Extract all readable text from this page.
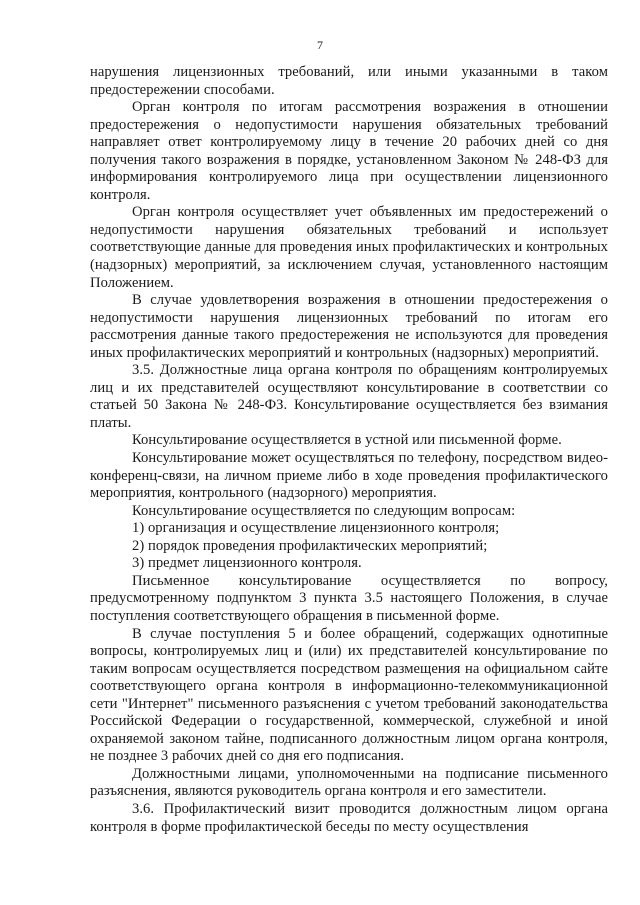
7

нарушения лицензионных требований, или иными указанными в таком предостережении способами.

Орган контроля по итогам рассмотрения возражения в отношении предостережения о недопустимости нарушения обязательных требований направляет ответ контролируемому лицу в течение 20 рабочих дней со дня получения такого возражения в порядке, установленном Законом № 248-ФЗ для информирования контролируемого лица при осуществлении лицензионного контроля.

Орган контроля осуществляет учет объявленных им предостережений о недопустимости нарушения обязательных требований и использует соответствующие данные для проведения иных профилактических и контрольных (надзорных) мероприятий, за исключением случая, установленного настоящим Положением.

В случае удовлетворения возражения в отношении предостережения о недопустимости нарушения лицензионных требований по итогам его рассмотрения данные такого предостережения не используются для проведения иных профилактических мероприятий и контрольных (надзорных) мероприятий.

3.5. Должностные лица органа контроля по обращениям контролируемых лиц и их представителей осуществляют консультирование в соответствии со статьей 50 Закона № 248-ФЗ. Консультирование осуществляется без взимания платы.

Консультирование осуществляется в устной или письменной форме.

Консультирование может осуществляться по телефону, посредством видео-конференц-связи, на личном приеме либо в ходе проведения профилактического мероприятия, контрольного (надзорного) мероприятия.

Консультирование осуществляется по следующим вопросам:

1) организация и осуществление лицензионного контроля;

2) порядок проведения профилактических мероприятий;

3) предмет лицензионного контроля.

Письменное консультирование осуществляется по вопросу, предусмотренному подпунктом 3 пункта 3.5 настоящего Положения, в случае поступления соответствующего обращения в письменной форме.

В случае поступления 5 и более обращений, содержащих однотипные вопросы, контролируемых лиц и (или) их представителей консультирование по таким вопросам осуществляется посредством размещения на официальном сайте соответствующего органа контроля в информационно-телекоммуникационной сети "Интернет" письменного разъяснения с учетом требований законодательства Российской Федерации о государственной, коммерческой, служебной и иной охраняемой законом тайне, подписанного должностным лицом органа контроля, не позднее 3 рабочих дней со дня его подписания.

Должностными лицами, уполномоченными на подписание письменного разъяснения, являются руководитель органа контроля и его заместители.

3.6. Профилактический визит проводится должностным лицом органа контроля в форме профилактической беседы по месту осуществления
